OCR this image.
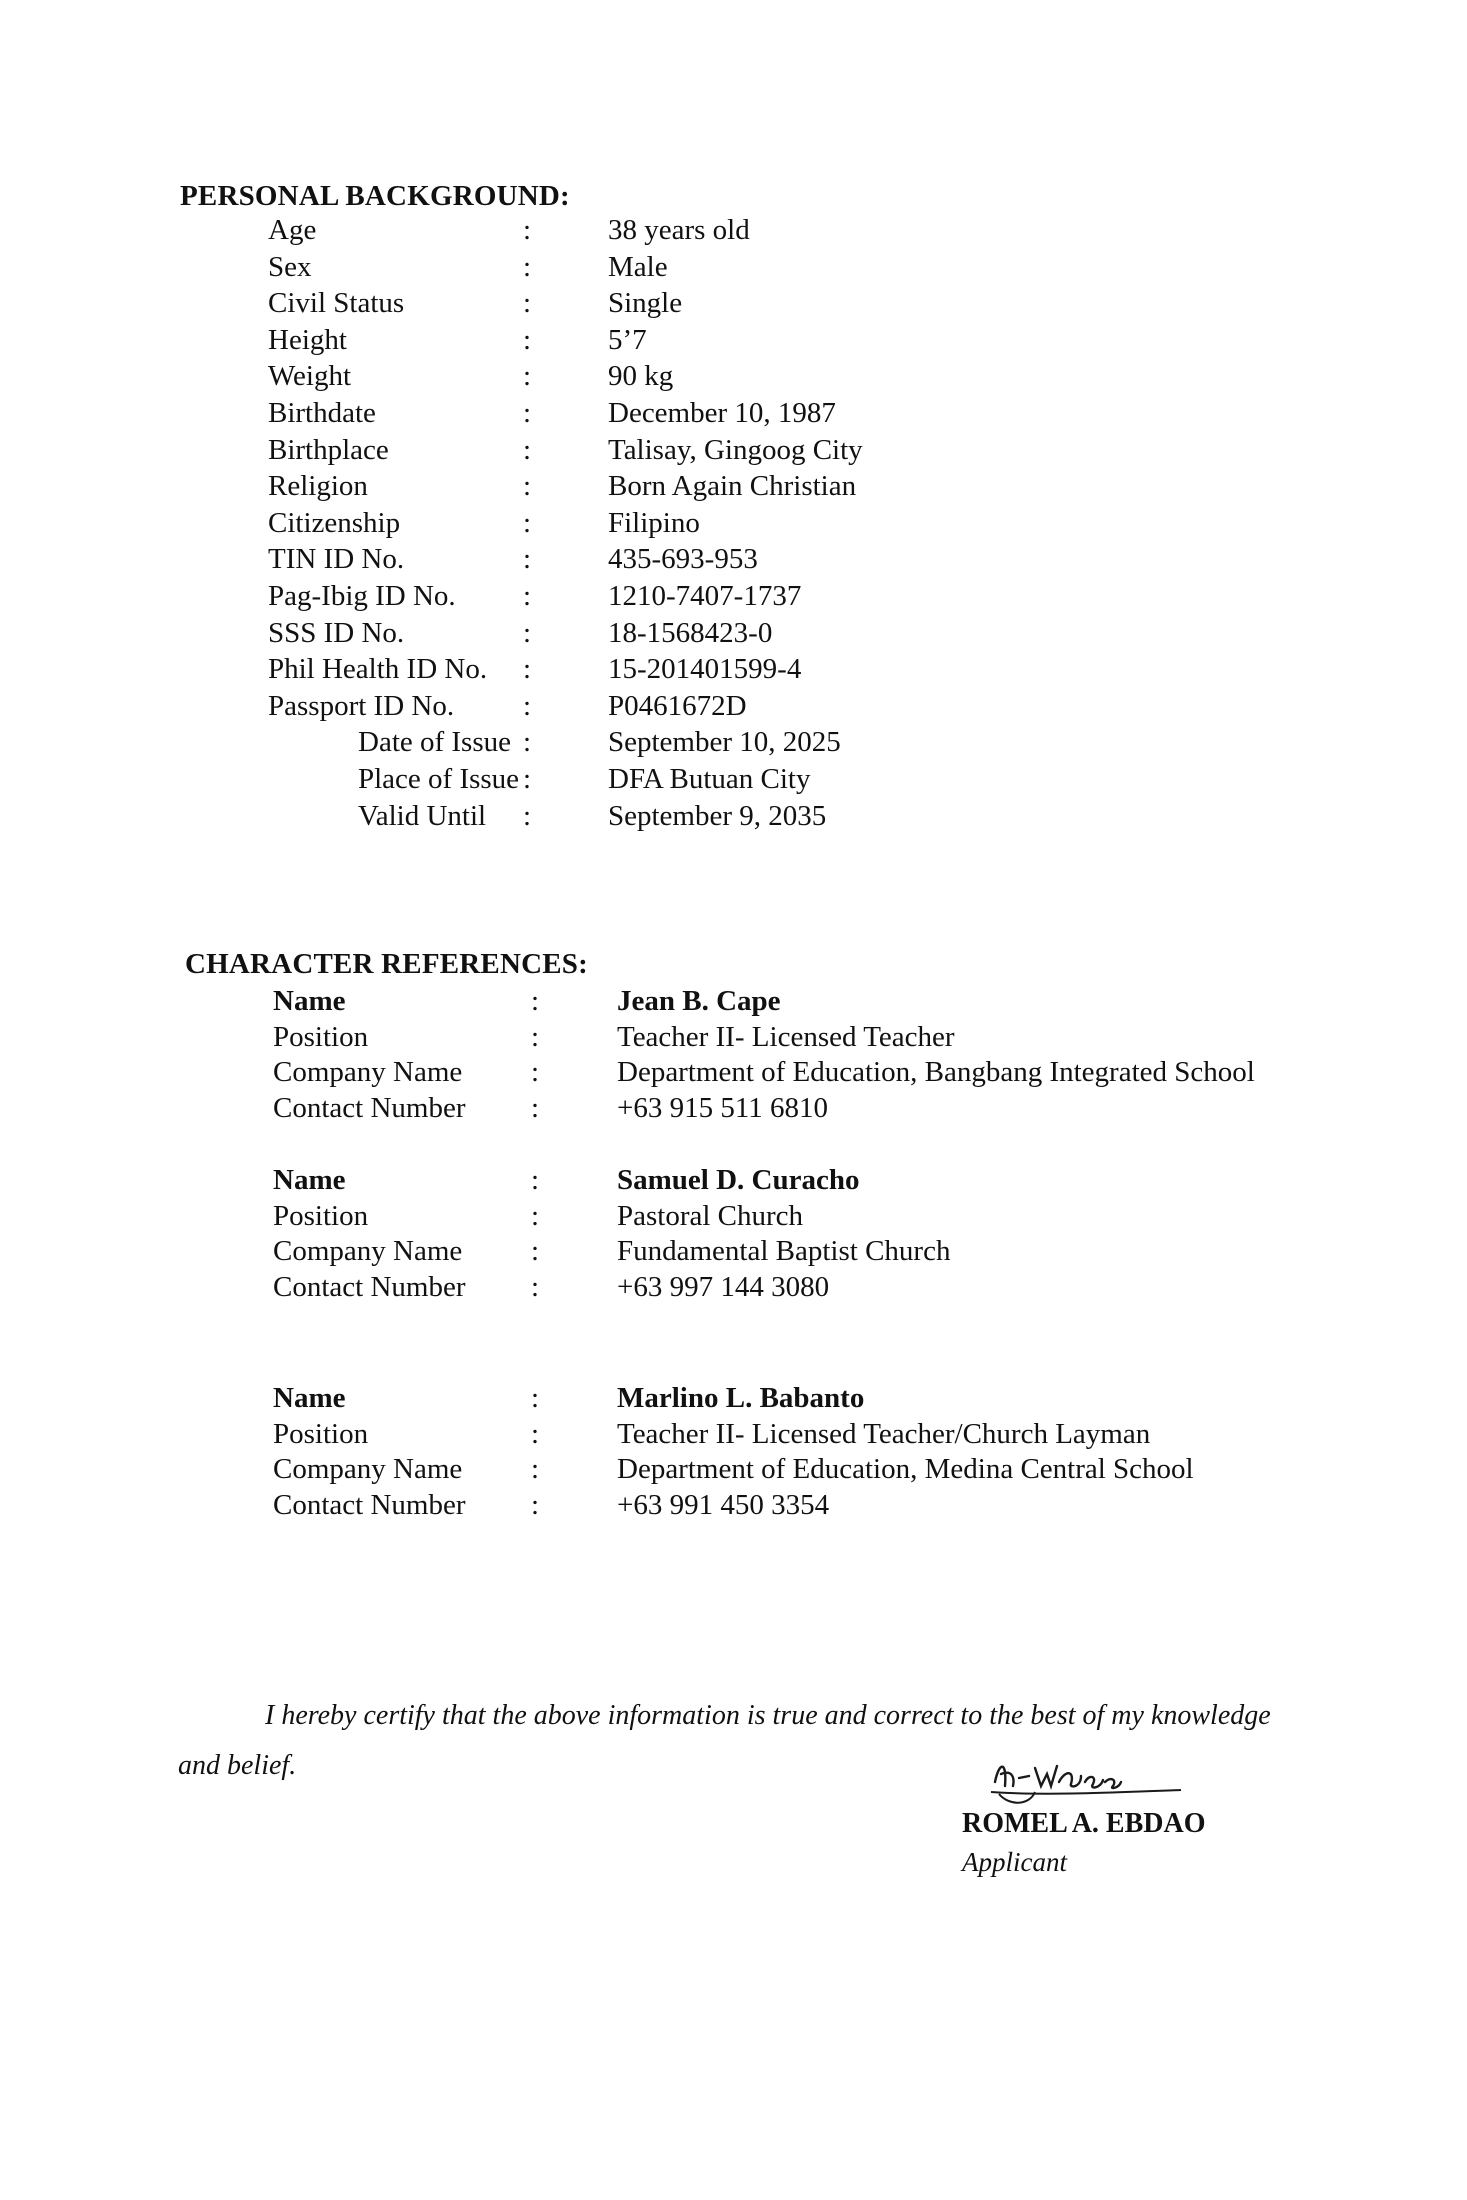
PERSONAL BACKGROUND:
Age	:	38 years old
Sex	:	Male
Civil Status	:	Single
Height	:	5’7
Weight	:	90 kg
Birthdate	:	December 10, 1987
Birthplace	:	Talisay, Gingoog City
Religion	:	Born Again Christian
Citizenship	:	Filipino
TIN ID No.	:	435-693-953
Pag-Ibig ID No. :	1210-7407-1737
SSS ID No.	:	18-1568423-0
Phil Health ID No. :	15-201401599-4
Passport ID No. :	P0461672D
Date of Issue :	September 10, 2025
Place of Issue :	DFA Butuan City
Valid Until :	September 9, 2035
CHARACTER REFERENCES:
Name	:	Jean B. Cape
Position	:	Teacher II- Licensed Teacher
Company Name :	Department of Education, Bangbang Integrated School
Contact Number :	+63 915 511 6810
Name	:	Samuel D. Curacho
Position	:	Pastoral Church
Company Name :	Fundamental Baptist Church
Contact Number :	+63 997 144 3080
Name	:	Marlino L. Babanto
Position	:	Teacher II- Licensed Teacher/Church Layman
Company Name :	Department of Education, Medina Central School
Contact Number :	+63 991 450 3354
I hereby certify that the above information is true and correct to the best of my knowledge
and belief.
ROMEL A. EBDAO
Applicant
